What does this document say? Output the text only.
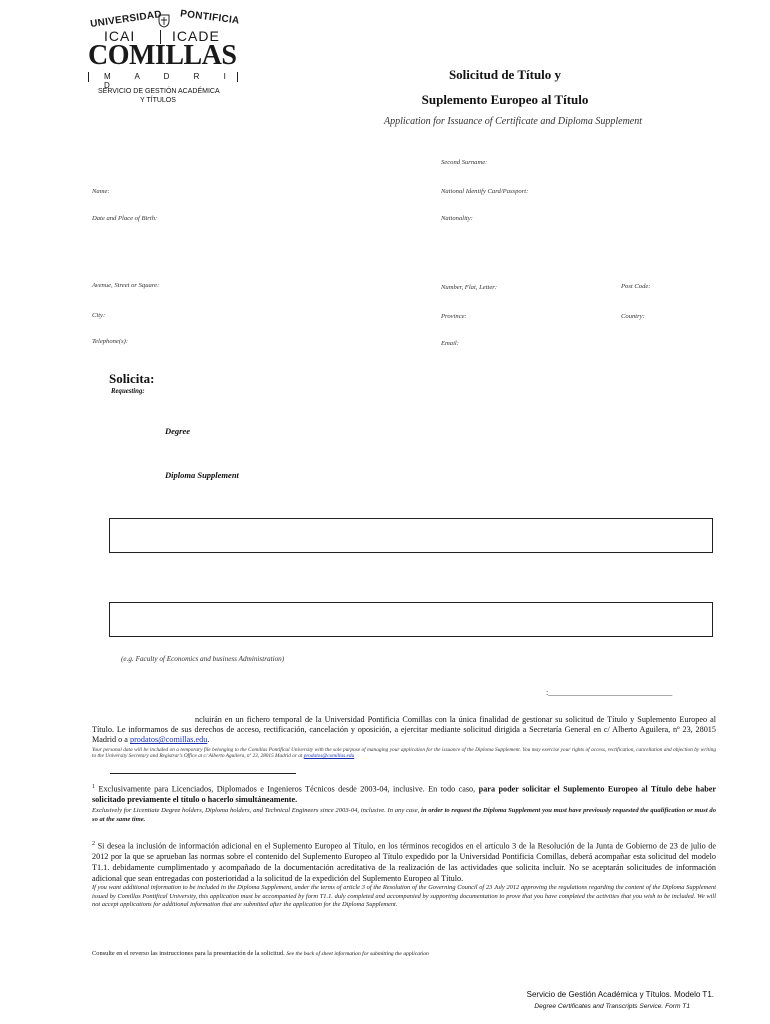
UNIVERSIDAD PONTIFICIA
ICAI	ICADE
COMILLAS
M A D R I D
SERVICIO DE GESTIÓN ACADÉMICA
Y TÍTULOS
Solicitud de Título y
Suplemento Europeo al Título
Application for Issuance of Certificate and Diploma Supplement
Second Surname:
Name:	National Identify Card/Passport:
Date and Place of Birth:	Nationality:
Avenue, Street or Square:	Number, Flat, Letter:	Post Code:
City:	Province:	Country:
Telephone(s):	Email:
Solicita:
Requesting:
Degree
Diploma Supplement
(e.g. Faculty of Economics and business Administration)
:_______________________________

ncluirán en un fichero temporal de la Universidad Pontificia Comillas con la única finalidad de gestionar su solicitud de Título y Suplemento Europeo al Título. Le informamos de sus derechos de acceso, rectificación, cancelación y oposición, a ejercitar mediante solicitud dirigida a Secretaría General en c/ Alberto Aguilera, nº 23, 28015 Madrid o a prodatos@comillas.edu.

Your personal data will be included on a temporary file belonging to the Comillas Pontifical University with the sole purpose of managing your application for the issuance of the Diploma Supplement. You may exercise your rights of access, rectification, cancellation and objection by writing to the University Secretary and Registrar's Office at c/ Alberto Aguilera, nº 23, 28015 Madrid or at prodatos@comillas.edu

$^1$ Exclusivamente para Licenciados, Diplomados e Ingenieros Técnicos desde 2003-04, inclusive. En todo caso, para poder solicitar el Suplemento Europeo al Título debe haber solicitado previamente el título o hacerlo simultáneamente.

Exclusively for Licentiate Degree holders, Diploma holders, and Technical Engineers since 2003-04, inclusive. In any case, in order to request the Diploma Supplement you must have previously requested the qualification or must do so at the same time.

$^2$ Si desea la inclusión de información adicional en el Suplemento Europeo al Título, en los términos recogidos en el artículo 3 de la Resolución de la Junta de Gobierno de 23 de julio de 2012 por la que se aprueban las normas sobre el contenido del Suplemento Europeo al Título expedido por la Universidad Pontificia Comillas, deberá acompañar esta solicitud del modelo T1.1. debidamente cumplimentado y acompañado de la documentación acreditativa de la realización de las actividades que solicita incluir. No se aceptarán solicitudes de información adicional que sean entregadas con posterioridad a la solicitud de la expedición del Suplemento Europeo al Título.

If you want additional information to be included in the Diploma Supplement, under the terms of article 3 of the Resolution of the Governing Council of 23 July 2012 approving the regulations regarding the content of the Diploma Supplement issued by Comillas Pontifical University, this application must be accompanied by form T1.1. duly completed and accompanied by supporting documentation to prove that you have completed the activities that you wish to be included. We will not accept applications for additional information that are submitted after the application for the Diploma Supplement.

Consulte en el reverso las instrucciones para la presentación de la solicitud. See the back of sheet information for submitting the application
Servicio de Gestión Académica y Títulos. Modelo T1.
Degree Certificates and Transcripts Service. Form T1
